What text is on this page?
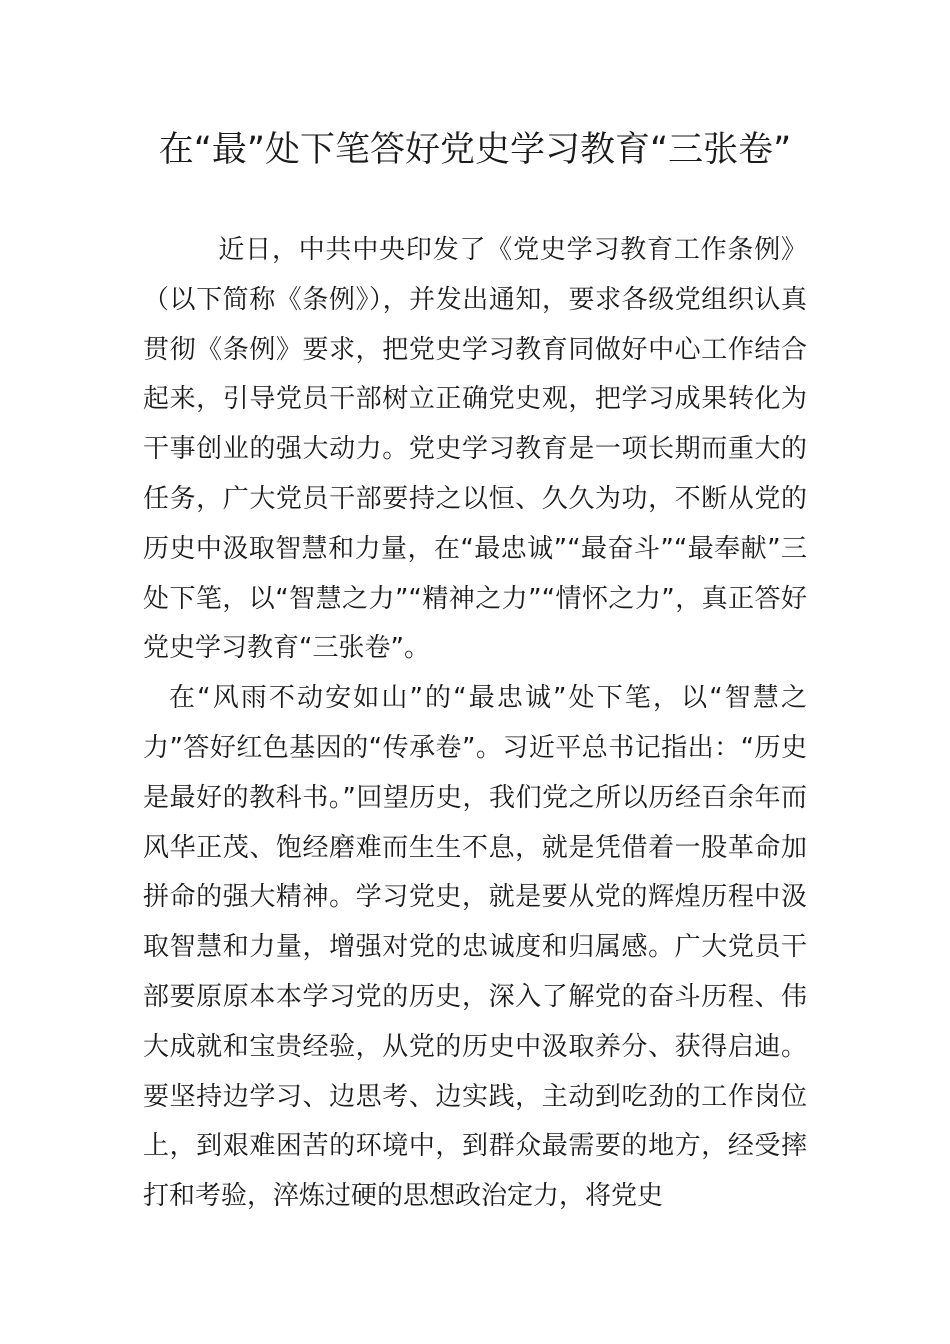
在“最”处下笔答好党史学习教育“三张卷”

近日，中共中央印发了《党史学习教育工作条例》（以下简称《条例》），并发出通知，要求各级党组织认真贯彻《条例》要求，把党史学习教育同做好中心工作结合起来，引导党员干部树立正确党史观，把学习成果转化为干事创业的强大动力。党史学习教育是一项长期而重大的任务，广大党员干部要持之以恒、久久为功，不断从党的历史中汲取智慧和力量，在“最忠诚”“最奋斗”“最奉献”三处下笔，以“智慧之力”“精神之力”“情怀之力”，真正答好党史学习教育“三张卷”。

在“风雨不动安如山”的“最忠诚”处下笔，以“智慧之力”答好红色基因的“传承卷”。习近平总书记指出：“历史是最好的教科书。”回望历史，我们党之所以历经百余年而风华正茂、饱经磨难而生生不息，就是凭借着一股革命加拼命的强大精神。学习党史，就是要从党的辉煌历程中汲取智慧和力量，增强对党的忠诚度和归属感。广大党员干部要原原本本学习党的历史，深入了解党的奋斗历程、伟大成就和宝贵经验，从党的历史中汲取养分、获得启迪。要坚持边学习、边思考、边实践，主动到吃劲的工作岗位上，到艰难困苦的环境中，到群众最需要的地方，经受摔打和考验，淬炼过硬的思想政治定力，将党史
